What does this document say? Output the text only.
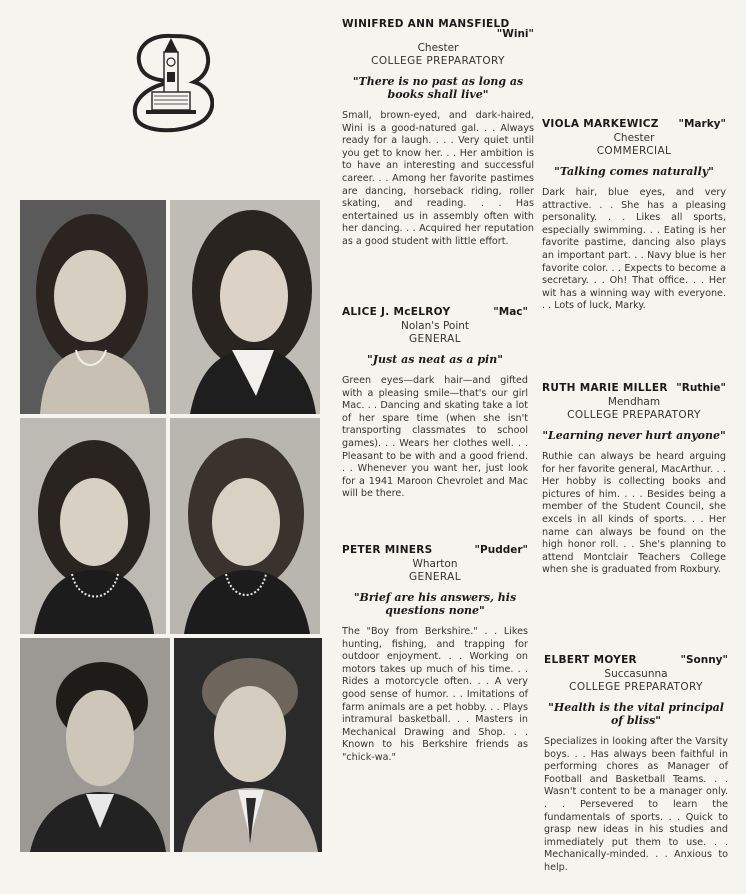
WINIFRED ANN MANSFIELD
"Wini"
Chester
COLLEGE PREPARATORY
"There is no past as long as books shall live"
Small, brown-eyed, and dark-haired, Wini is a good-natured gal. . . Always ready for a laugh. . . . Very quiet until you get to know her. . . Her ambition is to have an interesting and successful career. . . Among her favorite pastimes are dancing, horseback riding, roller skating, and reading. . . Has entertained us in assembly often with her dancing. . . Acquired her reputation as a good student with little effort.
VIOLA MARKEWICZ "Marky"
Chester
COMMERCIAL
"Talking comes naturally"
Dark hair, blue eyes, and very attractive. . . She has a pleasing personality. . . Likes all sports, especially swimming. . . Eating is her favorite pastime, dancing also plays an important part. . . Navy blue is her favorite color. . . Expects to become a secretary. . . Oh! That office. . . Her wit has a winning way with everyone. . . Lots of luck, Marky.
ALICE J. McELROY	"Mac"
Nolan's Point
GENERAL
"Just as neat as a pin"
Green eyes—dark hair—and gifted with a pleasing smile—that's our girl Mac. . . Dancing and skating take a lot of her spare time (when she isn't transporting classmates to school games). . . Wears her clothes well. . . Pleasant to be with and a good friend. . . Whenever you want her, just look for a 1941 Maroon Chevrolet and Mac will be there.
RUTH MARIE MILLER "Ruthie"
Mendham
COLLEGE PREPARATORY
"Learning never hurt anyone"
Ruthie can always be heard arguing for her favorite general, MacArthur. . . Her hobby is collecting books and pictures of him. . . . Besides being a member of the Student Council, she excels in all kinds of sports. . . Her name can always be found on the high honor roll. . . She's planning to attend Montclair Teachers College when she is graduated from Roxbury.
PETER MINERS	"Pudder"
Wharton
GENERAL
"Brief are his answers, his questions none"
The "Boy from Berkshire." . . Likes hunting, fishing, and trapping for outdoor enjoyment. . . Working on motors takes up much of his time. . . Rides a motorcycle often. . . A very good sense of humor. . . Imitations of farm animals are a pet hobby. . . Plays intramural basketball. . . Masters in Mechanical Drawing and Shop. . . Known to his Berkshire friends as "chick-wa."
ELBERT MOYER	"Sonny"
Succasunna
COLLEGE PREPARATORY
"Health is the vital principal of bliss"
Specializes in looking after the Varsity boys. . . Has always been faithful in performing chores as Manager of Football and Basketball Teams. . . Wasn't content to be a manager only. . . Persevered to learn the fundamentals of sports. . . Quick to grasp new ideas in his studies and immediately put them to use. . . Mechanically-minded. . . Anxious to help.
